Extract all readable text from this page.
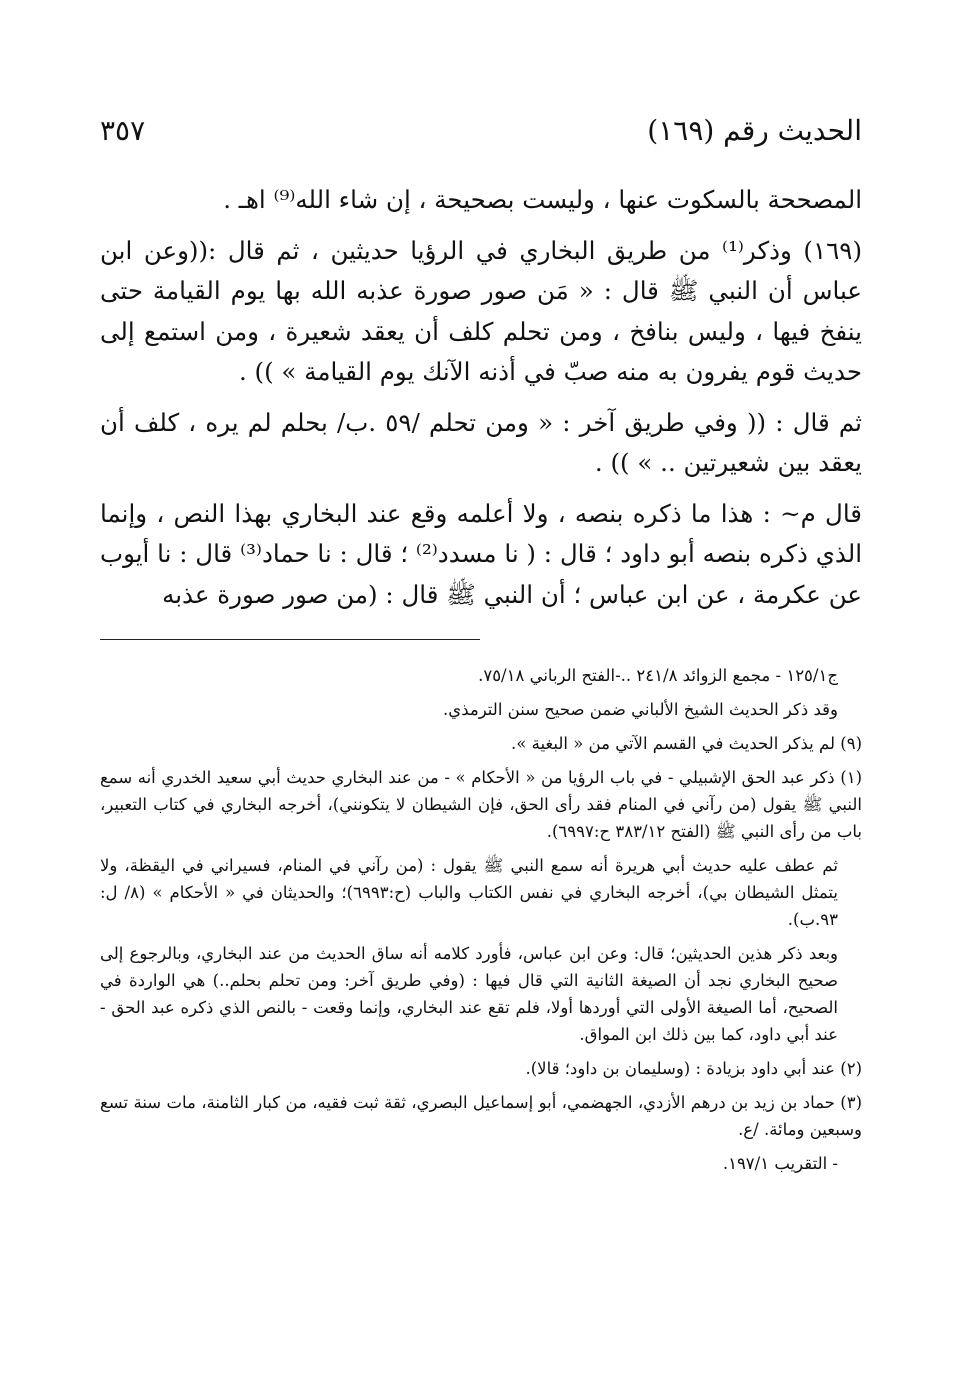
الحديث رقم (١٦٩)
٣٥٧

المصححة بالسكوت عنها ، وليست بصحيحة ، إن شاء الله⁽⁹⁾ اهـ .

(١٦٩) وذكر⁽¹⁾ من طريق البخاري في الرؤيا حديثين ، ثم قال :((وعن ابن عباس أن النبي ﷺ قال : « مَن صور صورة عذبه الله بها يوم القيامة حتى ينفخ فيها ، وليس بنافخ ، ومن تحلم كلف أن يعقد شعيرة ، ومن استمع إلى حديث قوم يفرون به منه صبّ في أذنه الآنك يوم القيامة » )) .

ثم قال : (( وفي طريق آخر : « ومن تحلم /٥٩ .ب/ بحلم لم يره ، كلف أن يعقد بين شعيرتين .. » )) .

قال م~ : هذا ما ذكره بنصه ، ولا أعلمه وقع عند البخاري بهذا النص ، وإنما الذي ذكره بنصه أبو داود ؛ قال : ( نا مسدد⁽²⁾ ؛ قال : نا حماد⁽³⁾ قال : نا أيوب عن عكرمة ، عن ابن عباس ؛ أن النبي ﷺ قال : (من صور صورة عذبه

ج١٢٥/١ - مجمع الزوائد ٢٤١/٨ ..-الفتح الرباني ٧٥/١٨.

وقد ذكر الحديث الشيخ الألباني ضمن صحيح سنن الترمذي.

(٩) لم يذكر الحديث في القسم الآتي من « البغية ».

(١) ذكر عبد الحق الإشبيلي - في باب الرؤيا من « الأحكام » - من عند البخاري حديث أبي سعيد الخدري أنه سمع النبي ﷺ يقول (من رآني في المنام فقد رأى الحق، فإن الشيطان لا يتكونني)، أخرجه البخاري في كتاب التعبير، باب من رأى النبي ﷺ (الفتح ٣٨٣/١٢ ح:٦٩٩٧).

ثم عطف عليه حديث أبي هريرة أنه سمع النبي ﷺ يقول : (من رآني في المنام، فسيراني في اليقظة، ولا يتمثل الشيطان بي)، أخرجه البخاري في نفس الكتاب والباب (ح:٦٩٩٣)؛ والحديثان في « الأحكام » (٨/ ل: ٩٣.ب).

وبعد ذكر هذين الحديثين؛ قال: وعن ابن عباس، فأورد كلامه أنه ساق الحديث من عند البخاري، وبالرجوع إلى صحيح البخاري نجد أن الصيغة الثانية التي قال فيها : (وفي طريق آخر: ومن تحلم بحلم..) هي الواردة في الصحيح، أما الصيغة الأولى التي أوردها أولا، فلم تقع عند البخاري، وإنما وقعت - بالنص الذي ذكره عبد الحق - عند أبي داود، كما بين ذلك ابن المواق.

(٢) عند أبي داود بزيادة : (وسليمان بن داود؛ قالا).

(٣) حماد بن زيد بن درهم الأزدي، الجهضمي، أبو إسماعيل البصري، ثقة ثبت فقيه، من كبار الثامنة، مات سنة تسع وسبعين ومائة. /ع.

- التقريب ١٩٧/١.
